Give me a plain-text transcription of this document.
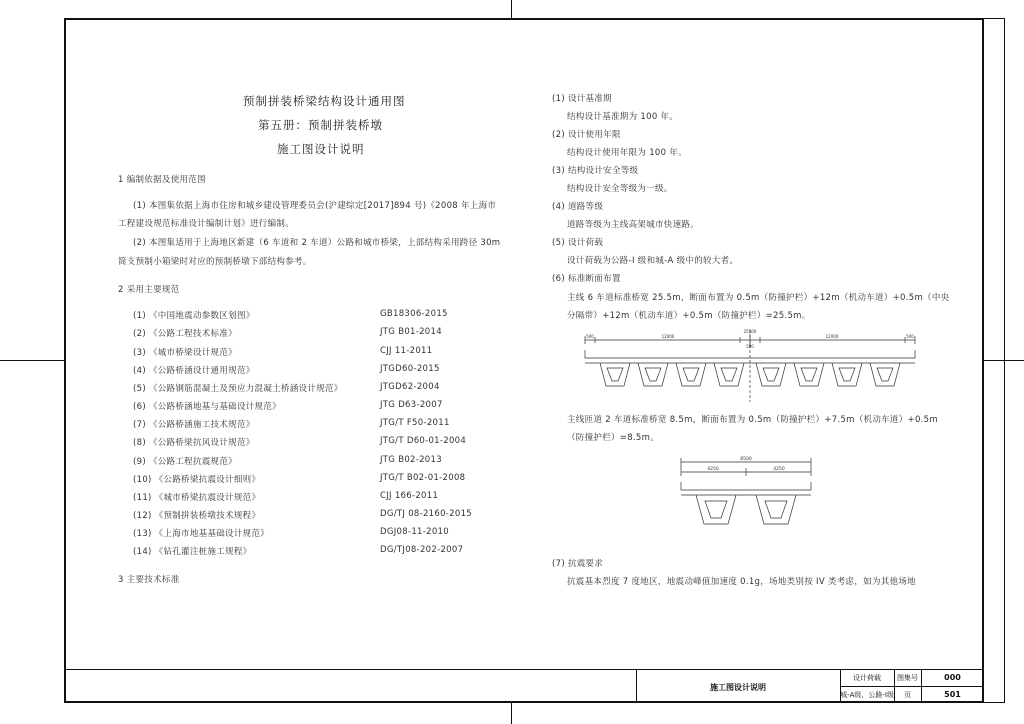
预制拼装桥梁结构设计通用图
第五册：预制拼装桥墩
施工图设计说明
1 编制依据及使用范围
(1) 本图集依据上海市住房和城乡建设管理委员会(沪建综定[2017]894 号)《2008 年上海市
工程建设规范标准设计编制计划》进行编制。
(2) 本图集适用于上海地区新建（6 车道和 2 车道）公路和城市桥梁，上部结构采用跨径 30m
简支预制小箱梁时对应的预制桥墩下部结构参考。
2 采用主要规范
(1) 《中国地震动参数区划图》	GB18306-2015
(2) 《公路工程技术标准》	JTG B01-2014
(3) 《城市桥梁设计规范》	CJJ 11-2011
(4) 《公路桥涵设计通用规范》	JTGD60-2015
(5) 《公路钢筋混凝土及预应力混凝土桥涵设计规范》	JTGD62-2004
(6) 《公路桥涵地基与基础设计规范》	JTG D63-2007
(7) 《公路桥涵施工技术规范》	JTG/T F50-2011
(8) 《公路桥梁抗风设计规范》	JTG/T D60-01-2004
(9) 《公路工程抗震规范》	JTG B02-2013
(10) 《公路桥梁抗震设计细则》	JTG/T B02-01-2008
(11) 《城市桥梁抗震设计规范》	CJJ 166-2011
(12) 《预制拼装桥墩技术规程》	DG/TJ 08-2160-2015
(13) 《上海市地基基础设计规范》	DGJ08-11-2010
(14) 《钻孔灌注桩施工规程》	DG/TJ08-202-2007
3 主要技术标准
(1) 设计基准期
结构设计基准期为 100 年。
(2) 设计使用年限
结构设计使用年限为 100 年。
(3) 结构设计安全等级
结构设计安全等级为一级。
(4) 道路等级
道路等级为主线高架城市快速路。
(5) 设计荷载
设计荷载为公路-I 级和城-A 级中的较大者。
(6) 标准断面布置
主线 6 车道标准桥宽 25.5m，断面布置为 0.5m（防撞护栏）+12m（机动车道）+0.5m（中央
分隔带）+12m（机动车道）+0.5m（防撞护栏）=25.5m。
500	12000
500
12000	500
25500
主线匝道 2 车道标准桥宽 8.5m，断面布置为 0.5m（防撞护栏）+7.5m（机动车道）+0.5m
（防撞护栏）=8.5m。
8500
4250	4250
(7) 抗震要求
抗震基本烈度 7 度地区，地震动峰值加速度 0.1g，场地类别按 IV 类考虑，如为其他场地
施工图设计说明
设计荷载	图集号	000
城-A级、公路-I级	页	501
